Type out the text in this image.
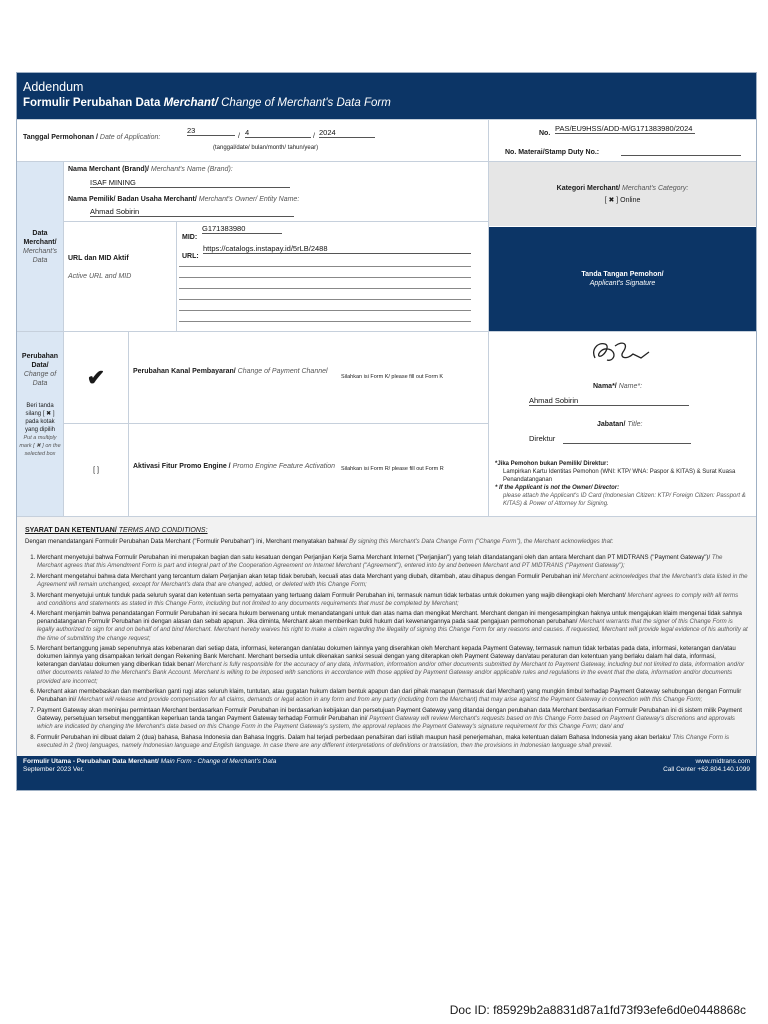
Addendum
Formulir Perubahan Data Merchant/ Change of Merchant's Data Form
Tanggal Permohonan / Date of Application:
23
/ 4	/ 2024
(tanggal/date/ bulan/month/ tahun/year)
No.
PAS/EU9HSS/ADD-M/G171383980/2024
No. Materai/Stamp Duty No.:
Data Merchant/
Merchant's Data
Nama Merchant (Brand)/ Merchant's Name (Brand):
ISAF MINING
Nama Pemilik/ Badan Usaha Merchant/ Merchant's Owner/ Entity Name:
Ahmad Sobirin
URL dan MID Aktif
Active URL and MID
MID:
G171383980
URL:
https://catalogs.instapay.id/5rLB/2488
Kategori Merchant/ Merchant's Category:
[ ✖ ] Online
Tanda Tangan Pemohon/
Applicant's Signature
Perubahan Data/
Change of Data
Beri tanda silang [ ✖ ] pada kotak yang dipilih
Put a multiply mark [ ✖ ] on the selected box
✔	Perubahan Kanal Pembayaran/ Change of Payment Channel
Silahkan isi Form K/ please fill out Form K
[ ]
Aktivasi Fitur Promo Engine / Promo Engine Feature Activation	Silahkan isi Form R/ please fill out Form R
Nama*/ Name*:
Ahmad Sobirin
Jabatan/ Title:
Direktur
*Jika Pemohon bukan Pemilik/ Direktur:
Lampirkan Kartu Identitas Pemohon (WNI: KTP/ WNA: Paspor & KITAS) & Surat Kuasa Penandatanganan
* If the Applicant is not the Owner/ Director:
please attach the Applicant's ID Card (Indonesian Citizen: KTP/ Foreign Citizen: Passport & KITAS) & Power of Attorney for Signing.
SYARAT DAN KETENTUAN/ TERMS AND CONDITIONS:
Dengan menandatangani Formulir Perubahan Data Merchant ("Formulir Perubahan") ini, Merchant menyatakan bahwa/ By signing this Merchant's Data Change Form ("Change Form"), the Merchant acknowledges that:
1. Merchant menyetujui bahwa Formulir Perubahan ini merupakan bagian dan satu kesatuan dengan Perjanjian Kerja Sama Merchant Internet ("Perjanjian") yang telah ditandatangani oleh dan antara Merchant dan PT MIDTRANS ("Payment Gateway")/ The Merchant agrees that this Amendment Form is part and integral part of the Cooperation Agreement on Internet Merchant ("Agreement"), entered into by and between Merchant and PT MIDTRANS ("Payment Gateway");
2. Merchant mengetahui bahwa data Merchant yang tercantum dalam Perjanjian akan tetap tidak berubah, kecuali atas data Merchant yang diubah, ditambah, atau dihapus dengan Formulir Perubahan ini/ Merchant acknowledges that the Merchant's data listed in the Agreement will remain unchanged, except for Merchant's data that are changed, added, or deleted with this Change Form;
3. Merchant menyetujui untuk tunduk pada seluruh syarat dan ketentuan serta pernyataan yang tertuang dalam Formulir Perubahan ini, termasuk namun tidak terbatas untuk dokumen yang wajib dilengkapi oleh Merchant/ Merchant agrees to comply with all terms and conditions and statements as stated in this Change Form, including but not limited to any documents requirements that must be completed by Merchant;
4. Merchant menjamin bahwa penandatangan Formulir Perubahan ini secara hukum berwenang untuk menandatangani untuk dan atas nama dan mengikat Merchant. Merchant dengan ini mengesampingkan haknya untuk mengajukan klaim mengenai tidak sahnya penandatanganan Formulir Perubahan ini dengan alasan dan sebab apapun. Jika diminta, Merchant akan memberikan bukti hukum dari kewenangannya pada saat pengajuan permohonan perubahan/ Merchant warrants that the signer of this Change Form is legally authorized to sign for and on behalf of and bind Merchant. Merchant hereby waives his right to make a claim regarding the illegality of signing this Change Form for any reasons and causes. If requested, Merchant will provide legal evidence of his authority at the time of submitting the change request;
5. Merchant bertanggung jawab sepenuhnya atas kebenaran dari setiap data, informasi, keterangan dan/atau dokumen lainnya yang diserahkan oleh Merchant kepada Payment Gateway, termasuk namun tidak terbatas pada data, informasi, keterangan dan/atau dokumen lainnya yang disampaikan terkait dengan Rekening Bank Merchant. Merchant bersedia untuk dikenakan sanksi sesuai dengan yang diterapkan oleh Payment Gateway dan/atau peraturan dan ketentuan yang berlaku dalam hal data, informasi, keterangan dan/atau dokumen yang diberikan tidak benar/ Merchant is fully responsible for the accuracy of any data, information, information and/or other documents submitted by Merchant to Payment Gateway, including but not limited to data, information and/or other documents related to the Merchant's Bank Account. Merchant is willing to be imposed with sanctions in accordance with those applied by Payment Gateway and/or applicable rules and regulations in the event that the data, information and/or documents provided are incorrect;
6. Merchant akan membebaskan dan memberikan ganti rugi atas seluruh klaim, tuntutan, atau gugatan hukum dalam bentuk apapun dan dari pihak manapun (termasuk dari Merchant) yang mungkin timbul terhadap Payment Gateway sehubungan dengan Formulir Perubahan ini/ Merchant will release and provide compensation for all claims, demands or legal action in any form and from any party (including from the Merchant) that may arise against the Payment Gateway in connection with this Change Form;
7. Payment Gateway akan meninjau permintaan Merchant berdasarkan Formulir Perubahan ini berdasarkan kebijakan dan persetujuan Payment Gateway yang ditandai dengan perubahan data Merchant berdasarkan Formulir Perubahan ini di sistem milik Payment Gateway, persetujuan tersebut menggantikan keperluan tanda tangan Payment Gateway terhadap Formulir Perubahan ini/ Payment Gateway will review Merchant's requests based on this Change Form based on Payment Gateway's discretions and approvals which are indicated by changing the Merchant's data based on this Change Form in the Payment Gateway's system, the approval replaces the Payment Gateway's signature requirement for this Change Form; dan/ and
8. Formulir Perubahan ini dibuat dalam 2 (dua) bahasa, Bahasa Indonesia dan Bahasa Inggris. Dalam hal terjadi perbedaan penafsiran dari istilah maupun hasil penerjemahan, maka ketentuan dalam Bahasa Indonesia yang akan berlaku/ This Change Form is executed in 2 (two) languages, namely Indonesian language and English language. In case there are any different interpretations of definitions or translation, then the provisions in Indonesian language shall prevail.
Formulir Utama - Perubahan Data Merchant/ Main Form - Change of Merchant's Data
September 2023 Ver.
www.midtrans.com
Call Center +62.804.140.1099
Doc ID: f85929b2a8831d87a1fd73f93efe6d0e0448868c
